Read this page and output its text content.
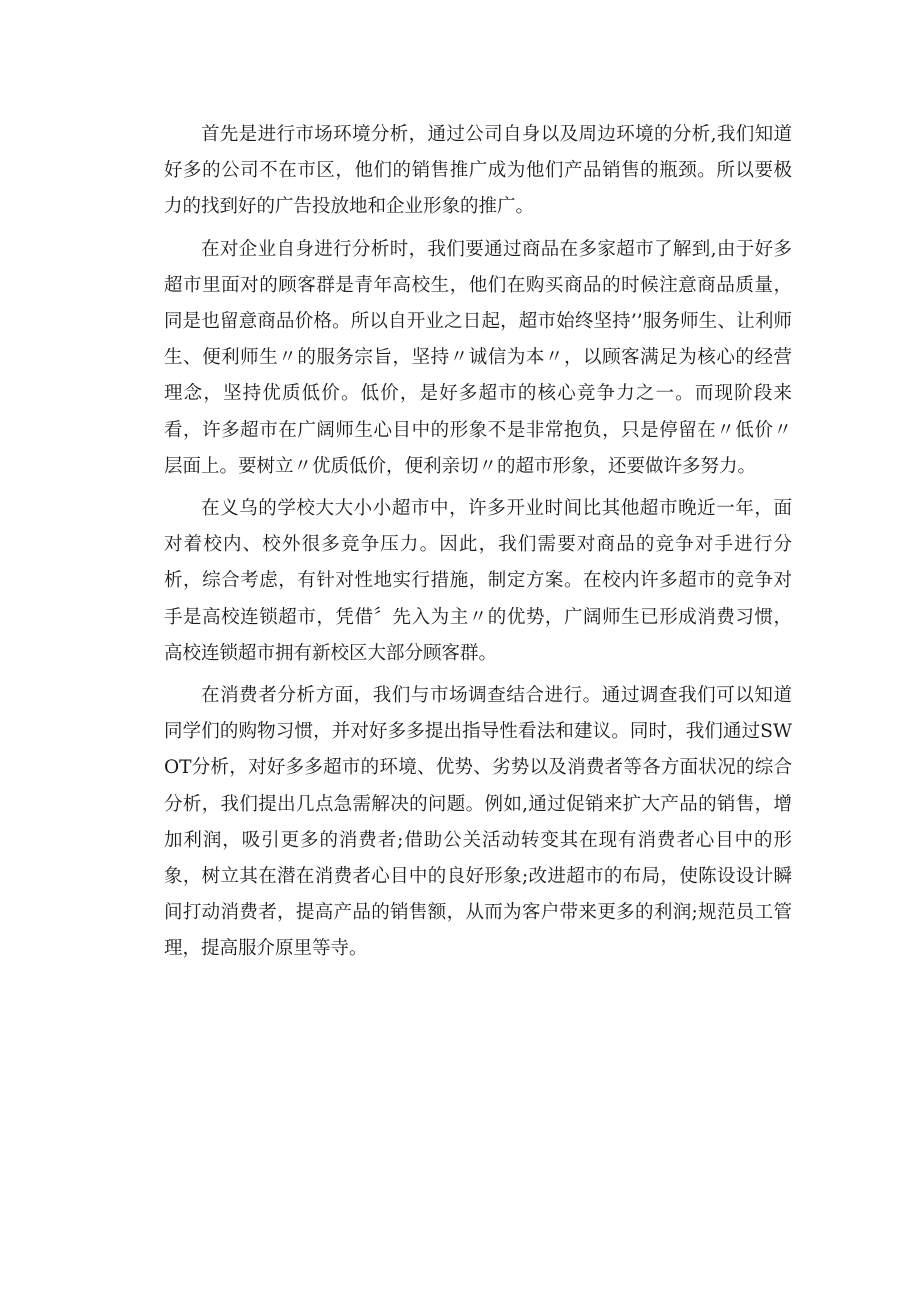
首先是进行市场环境分析，通过公司自身以及周边环境的分析,我们知道好多的公司不在市区，他们的销售推广成为他们产品销售的瓶颈。所以要极力的找到好的广告投放地和企业形象的推广。

在对企业自身进行分析时，我们要通过商品在多家超市了解到,由于好多超市里面对的顾客群是青年高校生，他们在购买商品的时候注意商品质量，同是也留意商品价格。所以自开业之日起，超市始终坚持’’服务师生、让利师生、便利师生〃的服务宗旨，坚持〃诚信为本〃，以顾客满足为核心的经营理念，坚持优质低价。低价，是好多超市的核心竞争力之一。而现阶段来看，许多超市在广阔师生心目中的形象不是非常抱负，只是停留在〃低价〃层面上。要树立〃优质低价，便利亲切〃的超市形象，还要做许多努力。

在义乌的学校大大小小超市中，许多开业时间比其他超市晚近一年，面对着校内、校外很多竞争压力。因此，我们需要对商品的竞争对手进行分析，综合考虑，有针对性地实行措施，制定方案。在校内许多超市的竞争对手是高校连锁超市，凭借〞先入为主〃的优势，广阔师生已形成消费习惯，高校连锁超市拥有新校区大部分顾客群。

在消费者分析方面，我们与市场调查结合进行。通过调查我们可以知道同学们的购物习惯，并对好多多提出指导性看法和建议。同时，我们通过SWOT分析，对好多多超市的环境、优势、劣势以及消费者等各方面状况的综合分析，我们提出几点急需解决的问题。例如,通过促销来扩大产品的销售，增加利润，吸引更多的消费者;借助公关活动转变其在现有消费者心目中的形象，树立其在潜在消费者心目中的良好形象;改进超市的布局，使陈设设计瞬间打动消费者，提高产品的销售额，从而为客户带来更多的利润;规范员工管理，提高服介原里等寺。
